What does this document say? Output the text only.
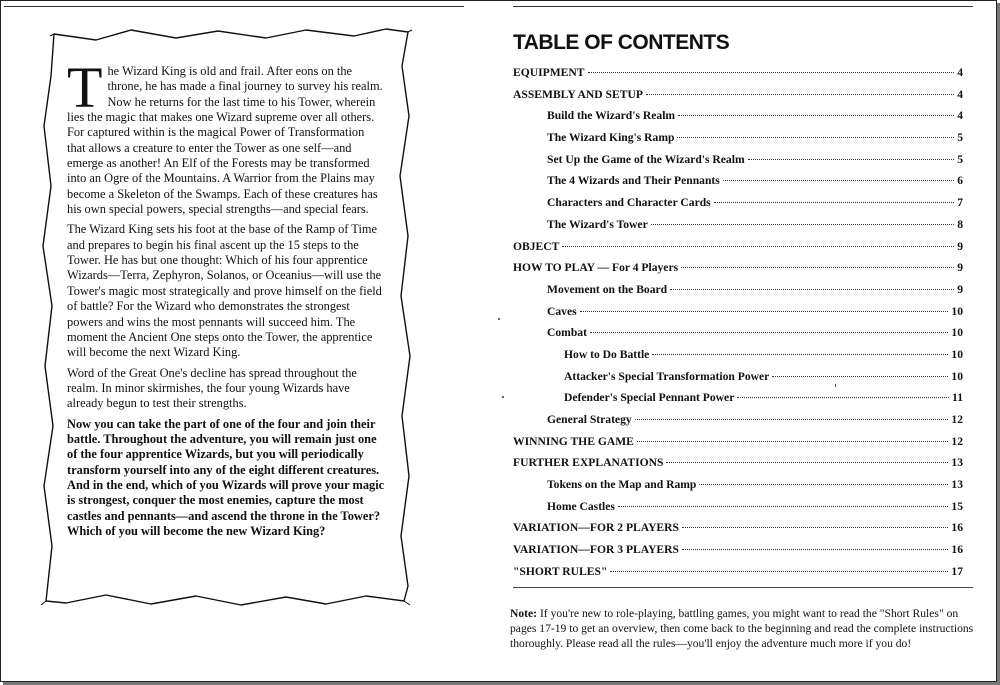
The Wizard King is old and frail. After eons on the throne, he has made a final journey to survey his realm. Now he returns for the last time to his Tower, wherein lies the magic that makes one Wizard supreme over all others. For captured within is the magical Power of Transformation that allows a creature to enter the Tower as one self—and emerge as another! An Elf of the Forests may be transformed into an Ogre of the Mountains. A Warrior from the Plains may become a Skeleton of the Swamps. Each of these creatures has his own special powers, special strengths—and special fears.

The Wizard King sets his foot at the base of the Ramp of Time and prepares to begin his final ascent up the 15 steps to the Tower. He has but one thought: Which of his four apprentice Wizards—Terra, Zephyron, Solanos, or Oceanius—will use the Tower's magic most strategically and prove himself on the field of battle? For the Wizard who demonstrates the strongest powers and wins the most pennants will succeed him. The moment the Ancient One steps onto the Tower, the apprentice will become the next Wizard King.

Word of the Great One's decline has spread throughout the realm. In minor skirmishes, the four young Wizards have already begun to test their strengths.

Now you can take the part of one of the four and join their battle. Throughout the adventure, you will remain just one of the four apprentice Wizards, but you will periodically transform yourself into any of the eight different creatures. And in the end, which of you Wizards will prove your magic is strongest, conquer the most enemies, capture the most castles and pennants—and ascend the throne in the Tower? Which of you will become the new Wizard King?

TABLE OF CONTENTS
EQUIPMENT	4
ASSEMBLY AND SETUP	4
Build the Wizard's Realm	4
The Wizard King's Ramp	5
Set Up the Game of the Wizard's Realm	5
The 4 Wizards and Their Pennants	6
Characters and Character Cards	7
The Wizard's Tower	8
OBJECT	9
HOW TO PLAY — For 4 Players	9
Movement on the Board	9
Caves	10
Combat	10
How to Do Battle	10
Attacker's Special Transformation Power	10
Defender's Special Pennant Power	11
General Strategy	12
WINNING THE GAME	12
FURTHER EXPLANATIONS	13
Tokens on the Map and Ramp	13
Home Castles	15
VARIATION—FOR 2 PLAYERS	16
VARIATION—FOR 3 PLAYERS	16
"SHORT RULES"	17
Note: If you're new to role-playing, battling games, you might want to read the "Short Rules" on pages 17-19 to get an overview, then come back to the beginning and read the complete instructions thoroughly. Please read all the rules—you'll enjoy the adventure much more if you do!
